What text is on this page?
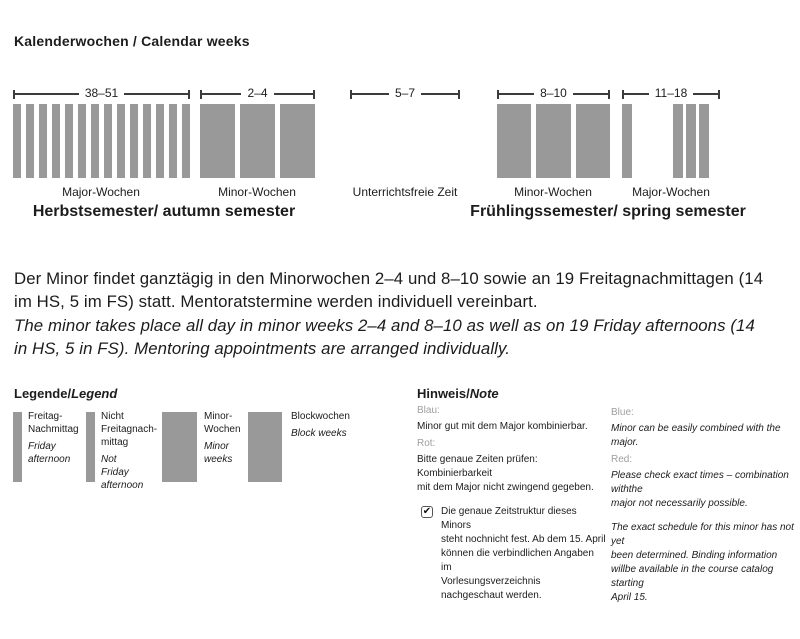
Kalenderwochen / Calendar weeks
38–51	2–4	5–7	8–10	11–18
Major-Wochen	Minor-Wochen	Unterrichtsfreie Zeit	Minor-Wochen	Major-Wochen
Herbstsemester/ autumn semester	Frühlingssemester/ spring semester
Der Minor findet ganztägig in den Minorwochen 2–4 und 8–10 sowie an 19 Freitagnachmittagen (14
im HS, 5 im FS) statt. Mentoratstermine werden individuell vereinbart.
The minor takes place all day in minor weeks 2–4 and 8–10 as well as on 19 Friday afternoons (14
in HS, 5 in FS). Mentoring appointments are arranged individually.
Legende/Legend
Freitag-
Nachmittag
Friday
afternoon
Nicht
Freitagnach-
mittag
Not
Friday
afternoon
Minor-
Wochen
Minor
weeks
Blockwochen
Block weeks
Hinweis/Note
Blau:
Minor gut mit dem Major kombinierbar.
Rot:
Bitte genaue Zeiten prüfen: Kombinierbarkeit
mit dem Major nicht zwingend gegeben.
✔ Die genaue Zeitstruktur dieses Minors
steht nochnicht fest. Ab dem 15. April
können die verbindlichen Angaben im
Vorlesungsverzeichnis
nachgeschaut werden.
Blue:
Minor can be easily combined with the major.
Red:
Please check exact times – combination withthe
major not necessarily possible.
The exact schedule for this minor has not yet
been determined. Binding information
willbe available in the course catalog starting
April 15.
